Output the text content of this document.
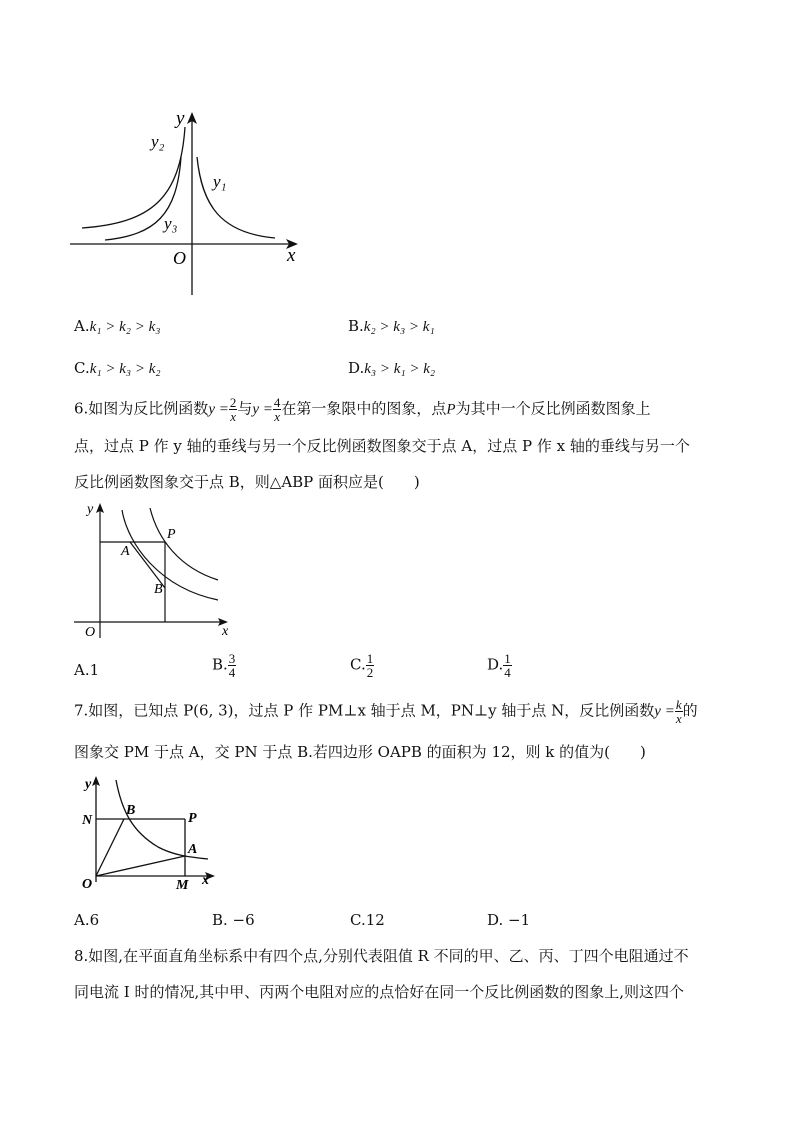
y
x
O
y₁
y₂
y₃
A.k₁ > k₂ > k₃	B.k₂ > k₃ > k₁
C.k₁ > k₃ > k₂	D.k₃ > k₁ > k₂
6.如图为反比例函数$y = \frac{2}{x}$ 与$y = \frac{4}{x}$ 在第一象限中的图象，点P为其中一个反比例函数图象上
点，过点 P 作 y 轴的垂线与另一个反比例函数图象交于点 A，过点 P 作 x 轴的垂线与另一个
反比例函数图象交于点 B，则△ABP 面积应是(　　)
y
x
O
A
B
P
A.1	B. $\frac{3}{4}$	C. $\frac{1}{2}$	D. $\frac{1}{4}$
7.如图，已知点 P(6, 3)，过点 P 作 PM⊥x 轴于点 M，PN⊥y 轴于点 N，反比例函数$y = \frac{k}{x}$ 的
图象交 PM 于点 A，交 PN 于点 B.若四边形 OAPB 的面积为 12，则 k 的值为(　　)
y
x
O
N
B
P
A
M
A.6	B. −6	C.12	D. −1
8.如图,在平面直角坐标系中有四个点,分别代表阻值 R 不同的甲、乙、丙、丁四个电阻通过不
同电流 I 时的情况,其中甲、丙两个电阻对应的点恰好在同一个反比例函数的图象上,则这四个
